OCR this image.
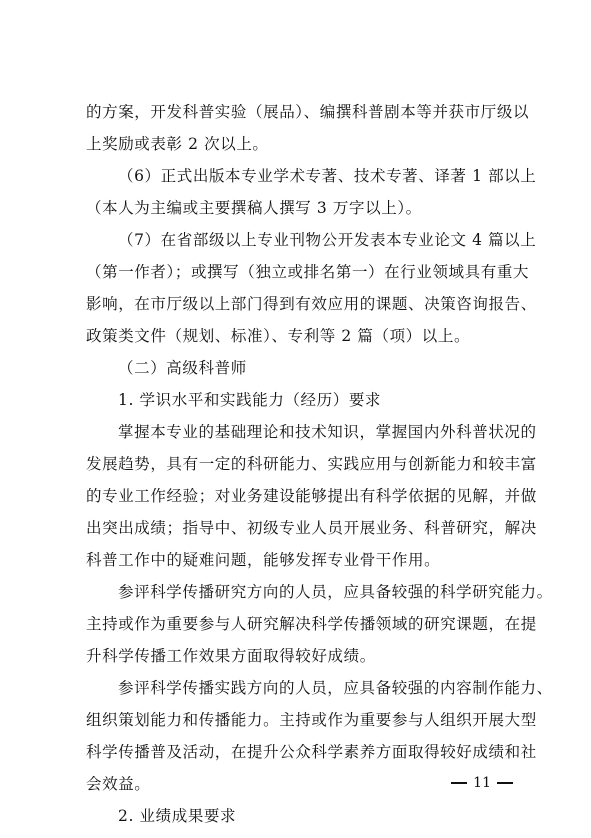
的方案，开发科普实验（展品）、编撰科普剧本等并获市厅级以
上奖励或表彰 2 次以上。
（6）正式出版本专业学术专著、技术专著、译著 1 部以上
（本人为主编或主要撰稿人撰写 3 万字以上）。
（7）在省部级以上专业刊物公开发表本专业论文 4 篇以上
（第一作者）；或撰写（独立或排名第一）在行业领域具有重大
影响，在市厅级以上部门得到有效应用的课题、决策咨询报告、
政策类文件（规划、标准）、专利等 2 篇（项）以上。
（二）高级科普师
1. 学识水平和实践能力（经历）要求
掌握本专业的基础理论和技术知识，掌握国内外科普状况的
发展趋势，具有一定的科研能力、实践应用与创新能力和较丰富
的专业工作经验；对业务建设能够提出有科学依据的见解，并做
出突出成绩；指导中、初级专业人员开展业务、科普研究，解决
科普工作中的疑难问题，能够发挥专业骨干作用。
参评科学传播研究方向的人员，应具备较强的科学研究能力。
主持或作为重要参与人研究解决科学传播领域的研究课题，在提
升科学传播工作效果方面取得较好成绩。
参评科学传播实践方向的人员，应具备较强的内容制作能力、
组织策划能力和传播能力。主持或作为重要参与人组织开展大型
科学传播普及活动，在提升公众科学素养方面取得较好成绩和社
会效益。
2. 业绩成果要求
11
